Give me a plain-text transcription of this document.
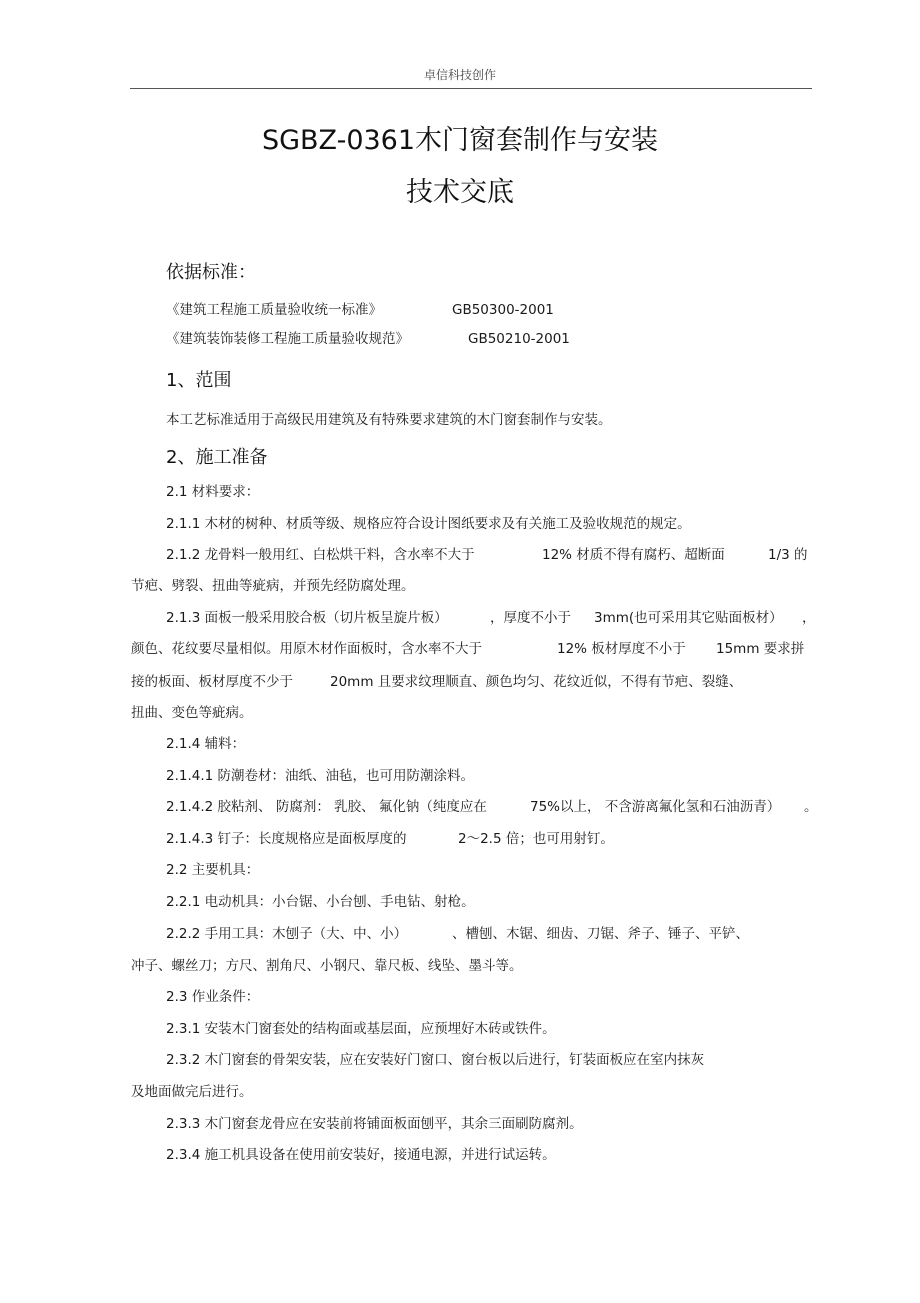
卓信科技创作
SGBZ-0361木门窗套制作与安装
技术交底
依据标准：
《建筑工程施工质量验收统一标准》	GB50300-2001
《建筑装饰装修工程施工质量验收规范》	GB50210-2001
1、范围
本工艺标准适用于高级民用建筑及有特殊要求建筑的木门窗套制作与安装。
2、施工准备
2.1 材料要求：
2.1.1 木材的树种、材质等级、规格应符合设计图纸要求及有关施工及验收规范的规定。
2.1.2 龙骨料一般用红、白松烘干料，含水率不大于	12% 材质不得有腐朽、超断面	1/3 的
节疤、劈裂、扭曲等疵病，并预先经防腐处理。
2.1.3 面板一般采用胶合板（切片板呈旋片板）	，厚度不小于 3mm(也可采用其它贴面板材） ，
颜色、花纹要尽量相似。用原木材作面板时，含水率不大于	12% 板材厚度不小于 15mm 要求拼
接的板面、板材厚度不少于	20mm 且要求纹理顺直、颜色均匀、花纹近似，不得有节疤、裂缝、
扭曲、变色等疵病。
2.1.4 辅料：
2.1.4.1 防潮卷材：油纸、油毡，也可用防潮涂料。
2.1.4.2 胶粘剂、 防腐剂： 乳胶、 氟化钠（纯度应在	75%以上， 不含游离氟化氢和石油沥青） 。
2.1.4.3 钉子：长度规格应是面板厚度的	2～2.5 倍；也可用射钉。
2.2 主要机具：
2.2.1 电动机具：小台锯、小台刨、手电钻、射枪。
2.2.2 手用工具：木刨子（大、中、小）	、槽刨、木锯、细齿、刀锯、斧子、锤子、平铲、
冲子、螺丝刀；方尺、割角尺、小钢尺、靠尺板、线坠、墨斗等。
2.3 作业条件：
2.3.1 安装木门窗套处的结构面或基层面，应预埋好木砖或铁件。
2.3.2 木门窗套的骨架安装，应在安装好门窗口、窗台板以后进行，钉装面板应在室内抹灰
及地面做完后进行。
2.3.3 木门窗套龙骨应在安装前将铺面板面刨平，其余三面刷防腐剂。
2.3.4 施工机具设备在使用前安装好，接通电源，并进行试运转。
